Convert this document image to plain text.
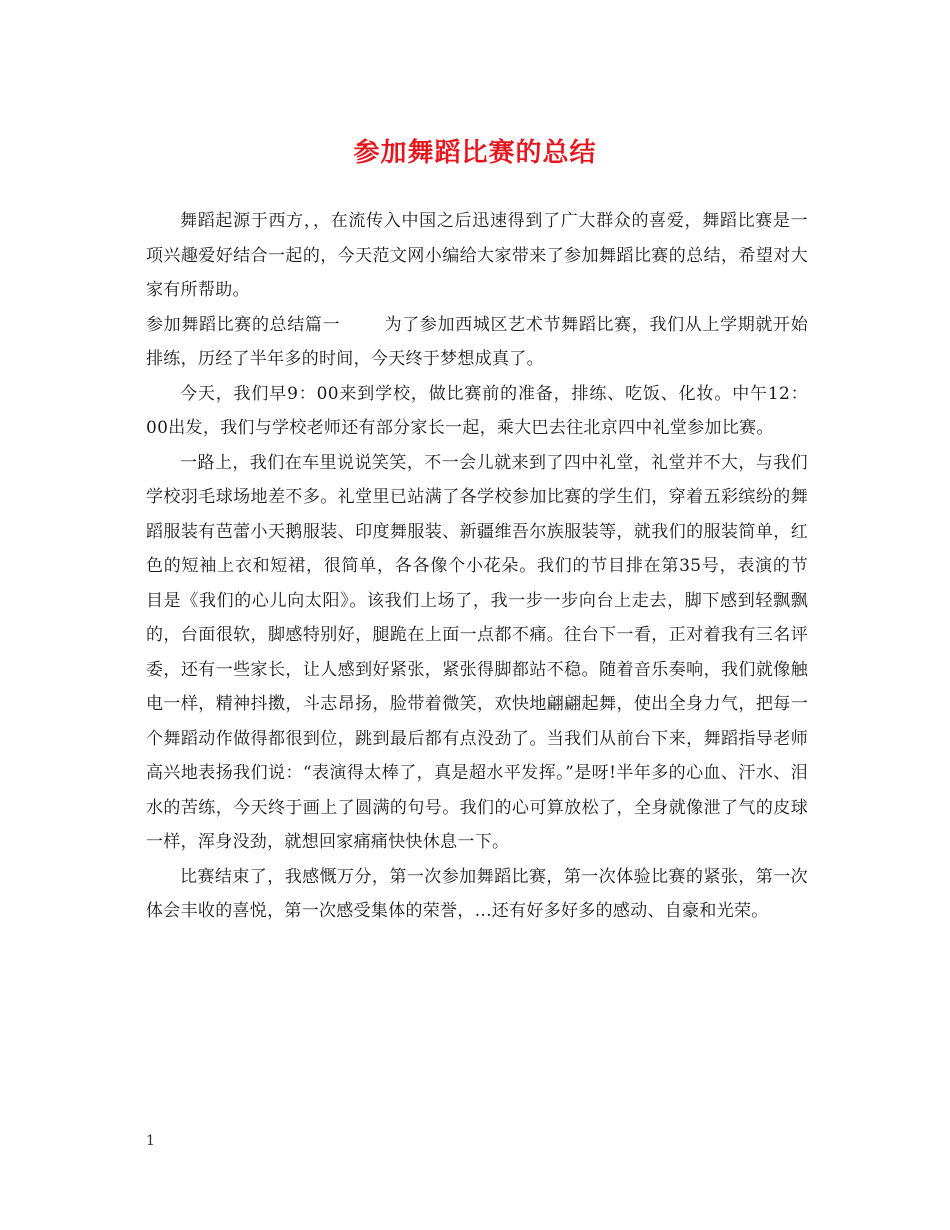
参加舞蹈比赛的总结

舞蹈起源于西方，，在流传入中国之后迅速得到了广大群众的喜爱，舞蹈比赛是一项兴趣爱好结合一起的，今天范文网小编给大家带来了参加舞蹈比赛的总结，希望对大家有所帮助。

参加舞蹈比赛的总结篇一	为了参加西城区艺术节舞蹈比赛，我们从上学期就开始排练，历经了半年多的时间，今天终于梦想成真了。

今天，我们早9：00来到学校，做比赛前的准备，排练、吃饭、化妆。中午12：00出发，我们与学校老师还有部分家长一起，乘大巴去往北京四中礼堂参加比赛。

一路上，我们在车里说说笑笑，不一会儿就来到了四中礼堂，礼堂并不大，与我们学校羽毛球场地差不多。礼堂里已站满了各学校参加比赛的学生们，穿着五彩缤纷的舞蹈服装有芭蕾小天鹅服装、印度舞服装、新疆维吾尔族服装等，就我们的服装简单，红色的短袖上衣和短裙，很简单，各各像个小花朵。我们的节目排在第35号，表演的节目是《我们的心儿向太阳》。该我们上场了，我一步一步向台上走去，脚下感到轻飘飘的，台面很软，脚感特别好，腿跪在上面一点都不痛。往台下一看，正对着我有三名评委，还有一些家长，让人感到好紧张，紧张得脚都站不稳。随着音乐奏响，我们就像触电一样，精神抖擞，斗志昂扬，脸带着微笑，欢快地翩翩起舞，使出全身力气，把每一个舞蹈动作做得都很到位，跳到最后都有点没劲了。当我们从前台下来，舞蹈指导老师高兴地表扬我们说：“表演得太棒了，真是超水平发挥。”是呀!半年多的心血、汗水、泪水的苦练，今天终于画上了圆满的句号。我们的心可算放松了，全身就像泄了气的皮球一样，浑身没劲，就想回家痛痛快快休息一下。

比赛结束了，我感慨万分，第一次参加舞蹈比赛，第一次体验比赛的紧张，第一次体会丰收的喜悦，第一次感受集体的荣誉，...还有好多好多的感动、自豪和光荣。

1
